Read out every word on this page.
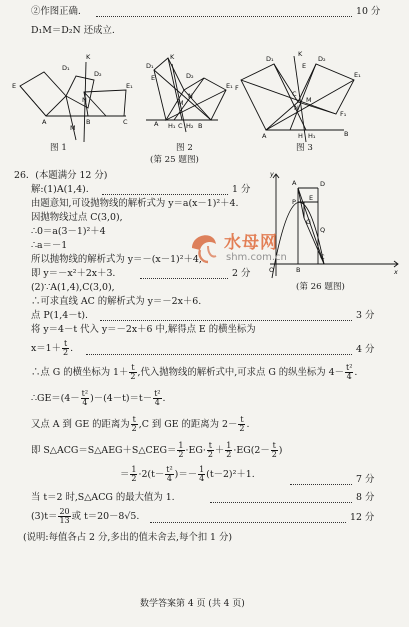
②作图正确.	10 分
D₁M＝D₂N 还成立.
K
D₁
D₂
E₁
E
A	B	C
M
N
K
D₁
D₂
E₁
E
A H₁ C H₂ B
M
N
K
D₁	D₂
E₁
F₁
E
A
C
N
M
H₁
H	B
F
图 1	图 2	图 3
(第 25 题图)
26．(本题满分 12 分)
解:(1)A(1,4).	1 分
由题意知,可设抛物线的解析式为 y＝a(x－1)²＋4.
因抛物线过点 C(3,0),
∴0＝a(3－1)²＋4
∴a＝－1
所以抛物线的解析式为 y＝－(x－1)²＋4,
即 y＝－x²＋2x＋3.	2 分
(2)∵A(1,4),C(3,0),
∴可求直线 AC 的解析式为 y＝－2x＋6.
点 P(1,4－t).	3 分
将 y＝4－t 代入 y＝－2x＋6 中,解得点 E 的横坐标为
$x=1+ \frac{t}{2}$ .	4 分
∴点 G 的横坐标为 $1+ \frac{t}{2}$ ,代入抛物线的解析式中,可求点 G 的纵坐标为 $4- \frac{\text{t²}}{4}$ .
∴GE＝(4－ $\frac{\text{t²}}{4} )-(4-t)=t- \frac{\text{t²}}{4}$ .
又点 A 到 GE 的距离为 $\frac{t}{2} ,C$ 到 GE 的距离为 $2- \frac{t}{2}$ .
即 S△ACG＝S△AEG＋S△CEG＝ $\frac{1}{2} \cdot EG\cdot \frac{t}{2} + \frac{1}{2} \cdot EG(2- \frac{t}{2}$ )
＝ $\frac{1}{2} \cdot 2(t- \frac{\text{t²}}{4}$ )＝－ $\frac{1}{4} (t-2)^2+1$.	7 分
当 t＝2 时,S△ACG 的最大值为 1.	8 分
$(3)t= \frac{20}{13}$ 或 t＝20－8√5.	12 分
(说明:每值各占 2 分,多出的值未舍去,每个扣 1 分)
y
A	D
P
G
E
Q
C
O	B	x
(第 26 题图)
水母网
shm.com.cn
数学答案第 4 页 (共 4 页)
